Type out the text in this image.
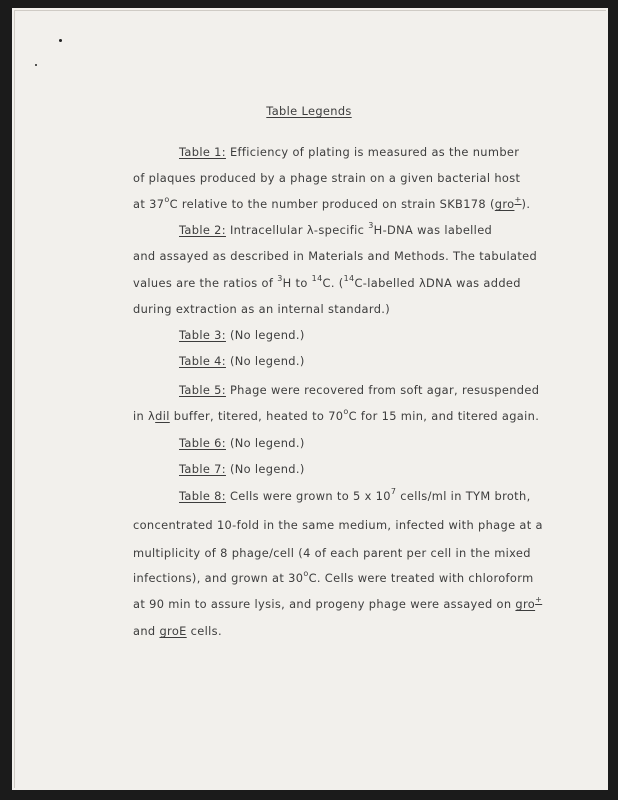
Table Legends
Table 1: Efficiency of plating is measured as the number
of plaques produced by a phage strain on a given bacterial host
at 37$^o$C relative to the number produced on strain SKB178 (gro+).
Table 2: Intracellular λ-specific $^3$H-DNA was labelled
and assayed as described in Materials and Methods. The tabulated
values are the ratios of $^3$H to $^{14}$C. ($^{14}$C-labelled λDNA was added
during extraction as an internal standard.)
Table 3: (No legend.)
Table 4: (No legend.)
Table 5: Phage were recovered from soft agar, resuspended
in λdil buffer, titered, heated to 70$^o$C for 15 min, and titered again.
Table 6: (No legend.)
Table 7: (No legend.)
Table 8: Cells were grown to 5 x $10^7$ cells/ml in TYM broth,
concentrated 10-fold in the same medium, infected with phage at a
multiplicity of 8 phage/cell (4 of each parent per cell in the mixed
infections), and grown at 30$^o$C. Cells were treated with chloroform
at 90 min to assure lysis, and progeny phage were assayed on gro+
and groE cells.
